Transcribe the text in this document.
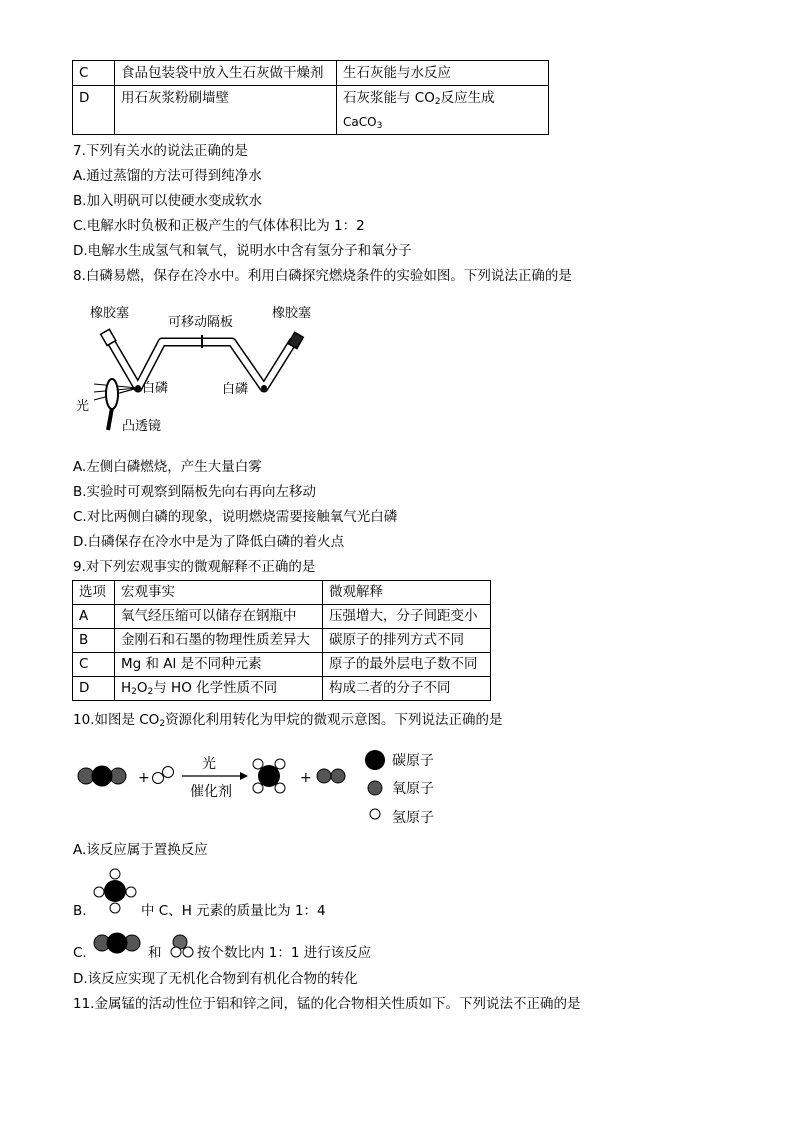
C	食品包装袋中放入生石灰做干燥剂	生石灰能与水反应
D	用石灰浆粉刷墙壁	石灰浆能与 $CO_2$反应生成
CaCO$_3$
7.下列有关水的说法正确的是
A.通过蒸馏的方法可得到纯净水
B.加入明矾可以使硬水变成软水
C.电解水时负极和正极产生的气体体积比为 1：2
D.电解水生成氢气和氧气，说明水中含有氢分子和氧分子
8.白磷易燃，保存在冷水中。利用白磷探究燃烧条件的实验如图。下列说法正确的是
橡胶塞
可移动隔板
橡胶塞
白磷	白磷
光
凸透镜
A.左侧白磷燃烧，产生大量白雾
B.实验时可观察到隔板先向右再向左移动
C.对比两侧白磷的现象，说明燃烧需要接触氧气光白磷
D.白磷保存在冷水中是为了降低白磷的着火点
9.对下列宏观事实的微观解释不正确的是
选项	宏观事实	微观解释
A	氧气经压缩可以储存在钢瓶中	压强增大，分子间距变小
B	金刚石和石墨的物理性质差异大	碳原子的排列方式不同
C	Mg 和 Al 是不同种元素	原子的最外层电子数不同
D	$H_2O_2$与 HO 化学性质不同	构成二者的分子不同
10.如图是 $CO_2$资源化利用转化为甲烷的微观示意图。下列说法正确的是
+
光
催化剂
+
碳原子
氧原子
氢原子
A.该反应属于置换反应
B.	中 C、H 元素的质量比为 1：4
C.	和	按个数比内 1：1 进行该反应
D.该反应实现了无机化合物到有机化合物的转化
11.金属锰的活动性位于铝和锌之间，锰的化合物相关性质如下。下列说法不正确的是
